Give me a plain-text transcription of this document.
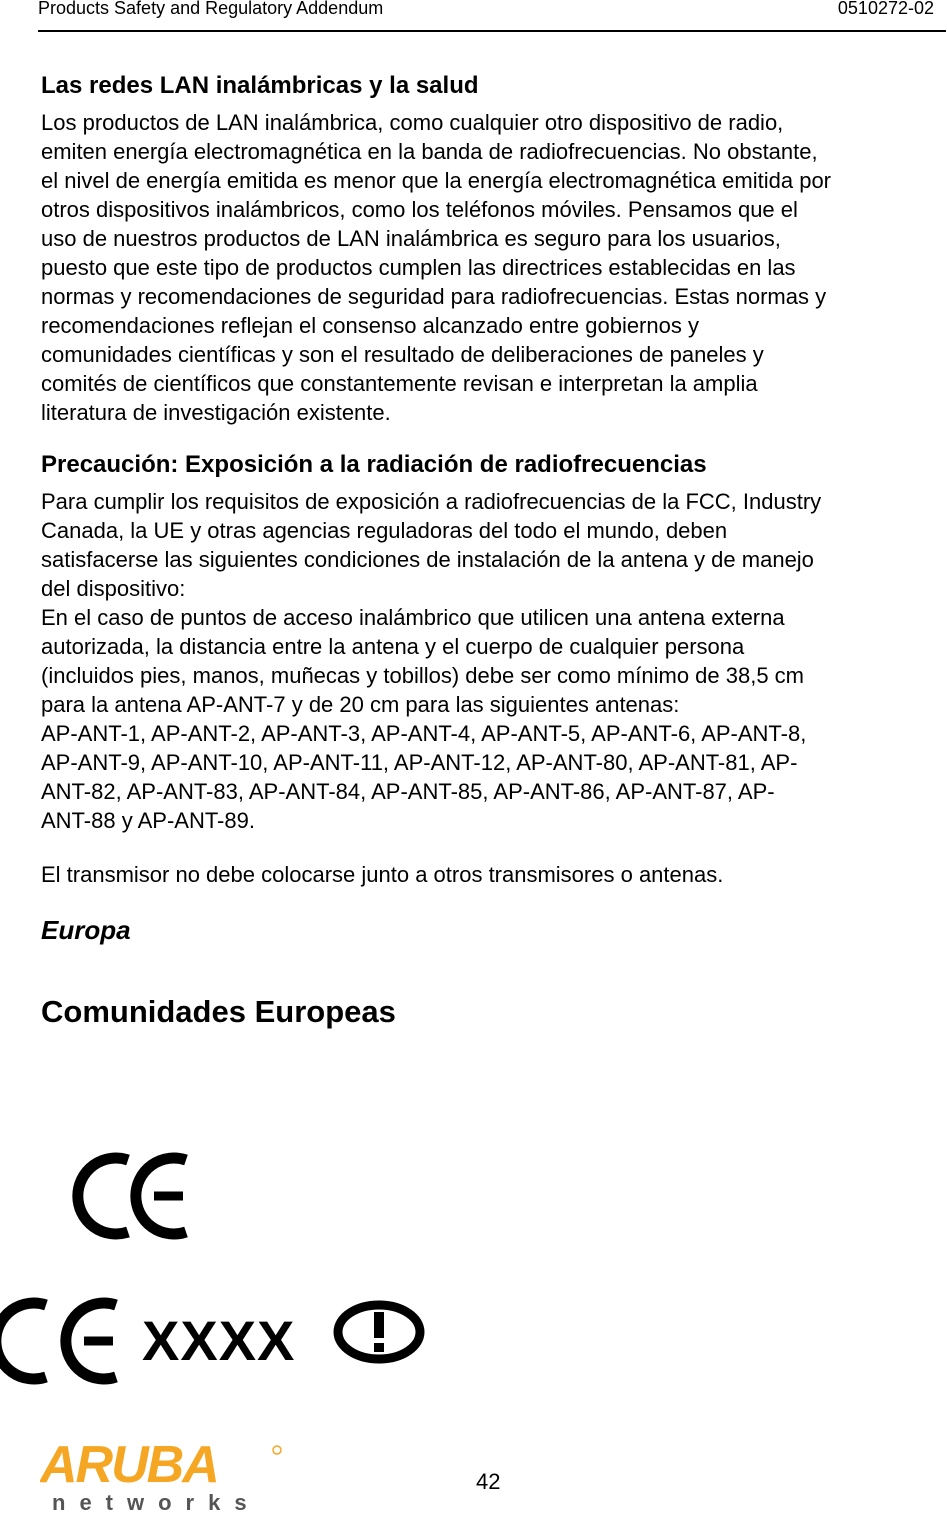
Products Safety and Regulatory Addendum	0510272-02
Las redes LAN inalámbricas y la salud

Los productos de LAN inalámbrica, como cualquier otro dispositivo de radio,

emiten energía electromagnética en la banda de radiofrecuencias. No obstante,

el nivel de energía emitida es menor que la energía electromagnética emitida por

otros dispositivos inalámbricos, como los teléfonos móviles. Pensamos que el

uso de nuestros productos de LAN inalámbrica es seguro para los usuarios,

puesto que este tipo de productos cumplen las directrices establecidas en las

normas y recomendaciones de seguridad para radiofrecuencias. Estas normas y

recomendaciones reflejan el consenso alcanzado entre gobiernos y

comunidades científicas y son el resultado de deliberaciones de paneles y

comités de científicos que constantemente revisan e interpretan la amplia

literatura de investigación existente.

Precaución: Exposición a la radiación de radiofrecuencias

Para cumplir los requisitos de exposición a radiofrecuencias de la FCC, Industry

Canada, la UE y otras agencias reguladoras del todo el mundo, deben

satisfacerse las siguientes condiciones de instalación de la antena y de manejo

del dispositivo:

En el caso de puntos de acceso inalámbrico que utilicen una antena externa

autorizada, la distancia entre la antena y el cuerpo de cualquier persona

(incluidos pies, manos, muñecas y tobillos) debe ser como mínimo de 38,5 cm

para la antena AP-ANT-7 y de 20 cm para las siguientes antenas:

AP-ANT-1, AP-ANT-2, AP-ANT-3, AP-ANT-4, AP-ANT-5, AP-ANT-6, AP-ANT-8,

AP-ANT-9, AP-ANT-10, AP-ANT-11, AP-ANT-12, AP-ANT-80, AP-ANT-81, AP-

ANT-82, AP-ANT-83, AP-ANT-84, AP-ANT-85, AP-ANT-86, AP-ANT-87, AP-

ANT-88 y AP-ANT-89.

El transmisor no debe colocarse junto a otros transmisores o antenas.

Europa
Comunidades Europeas
XXXX
ARUBA
networks
42
